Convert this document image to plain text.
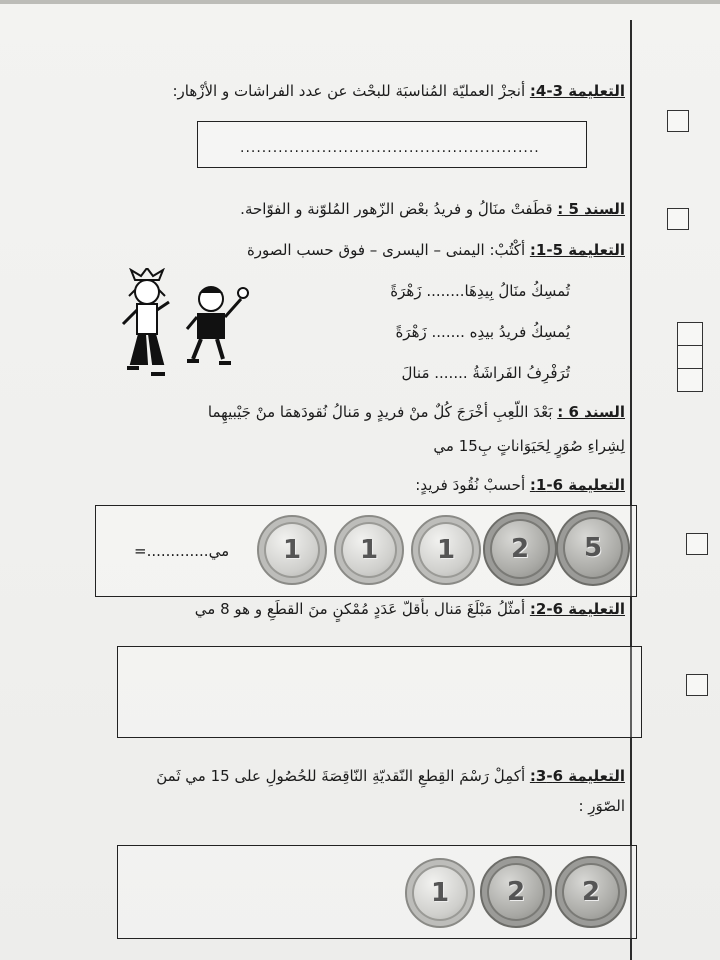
التعليمة 3-4: أنجزْ العمليّة المُناسبَة للبحْث عن عدد الفراشات و الأزْهار:
.......................................................
السند 5 : قطَفتْ منَالُ و فريدُ بعْض الزّهور المُلوّنة و الفوّاحة.
التعليمة 5-1: أكْتُبْ: اليمنى – اليسرى – فوق حسب الصورة
تُمسِكُ منَالُ بِيدِهَا........ زَهْرَةً
يُمسِكُ فريدُ بيدِه ....... زَهْرَةً
تُرَفْرِفُ الفَراشَةُ ....... مَنالَ
السند 6 : بَعْدَ اللّعِبِ أخْرَجَ كُلٌ منْ فريدٍ و مَنالُ نُقودَهمَا منْ جَيْبيهِما
لِشِراءِ صُوَرٍ لِحَيَوَاناتٍ بِ15 مي
التعليمة 6-1: أحسبْ نُقُودَ فريدٍ:
=.............مي 1 1 1 2 5
التعليمة 6-2: أمثّلُ مَبْلَغَ مَنال بأقلّ عَدَدٍ مُمْكنٍ منَ القطَعِ و هو 8 مي
التعليمة 6-3: أكمِلْ رَسْمَ القِطعِ النّقديّةِ النّاقِصَةَ للحُصُولِ على 15 مي ثَمنَ
الصّوَرِ :
1 2 2
